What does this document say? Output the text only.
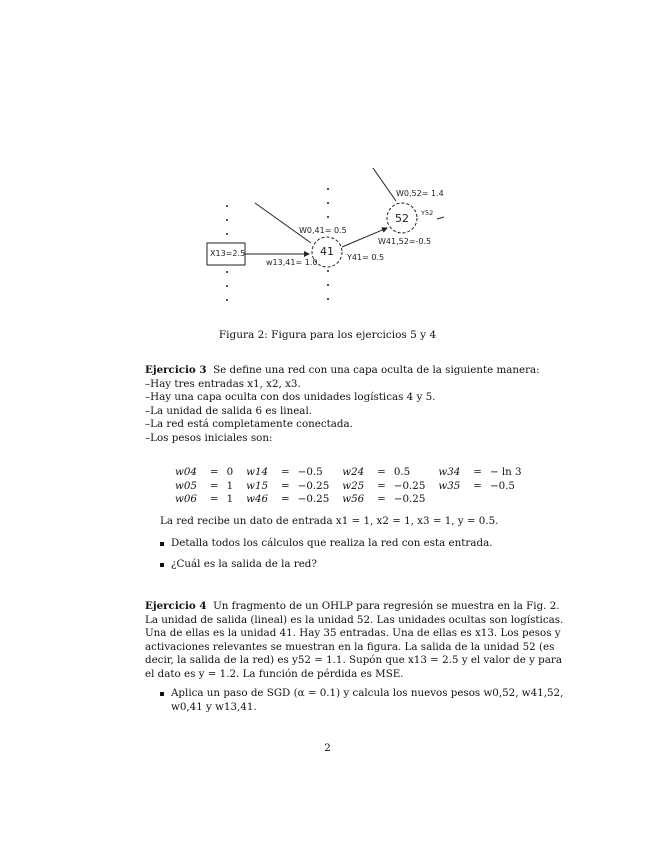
X13=2.5	41
52
w13,41= 1.0
W0,41= 0.5
Y41= 0.5
W0,52= 1.4
W41,52=-0.5
Y52
Figura 2: Figura para los ejercicios 5 y 4
Ejercicio 3 Se define una red con una capa oculta de la siguiente manera:
–Hay tres entradas x1, x2, x3.
–Hay una capa oculta con dos unidades logísticas 4 y 5.
–La unidad de salida 6 es lineal.
–La red está completamente conectada.
–Los pesos iniciales son:
w04	=	0	w14	=	−0.5	w24	=	0.5	w34	=	− ln 3
w05	=	1	w15	=	−0.25	w25	=	−0.25	w35	=	−0.5
w06	=	1	w46	=	−0.25	w56	=	−0.25			
La red recibe un dato de entrada x1 = 1, x2 = 1, x3 = 1, y = 0.5.
Detalla todos los cálculos que realiza la red con esta entrada.
¿Cuál es la salida de la red?
Ejercicio 4 Un fragmento de un OHLP para regresión se muestra en la Fig. 2.
La unidad de salida (lineal) es la unidad 52. Las unidades ocultas son logísticas.
Una de ellas es la unidad 41. Hay 35 entradas. Una de ellas es x13. Los pesos y
activaciones relevantes se muestran en la figura. La salida de la unidad 52 (es
decir, la salida de la red) es y52 = 1.1. Supón que x13 = 2.5 y el valor de y para
el dato es y = 1.2. La función de pérdida es MSE.
Aplica un paso de SGD (α = 0.1) y calcula los nuevos pesos w0,52, w41,52,
w0,41 y w13,41.
2
